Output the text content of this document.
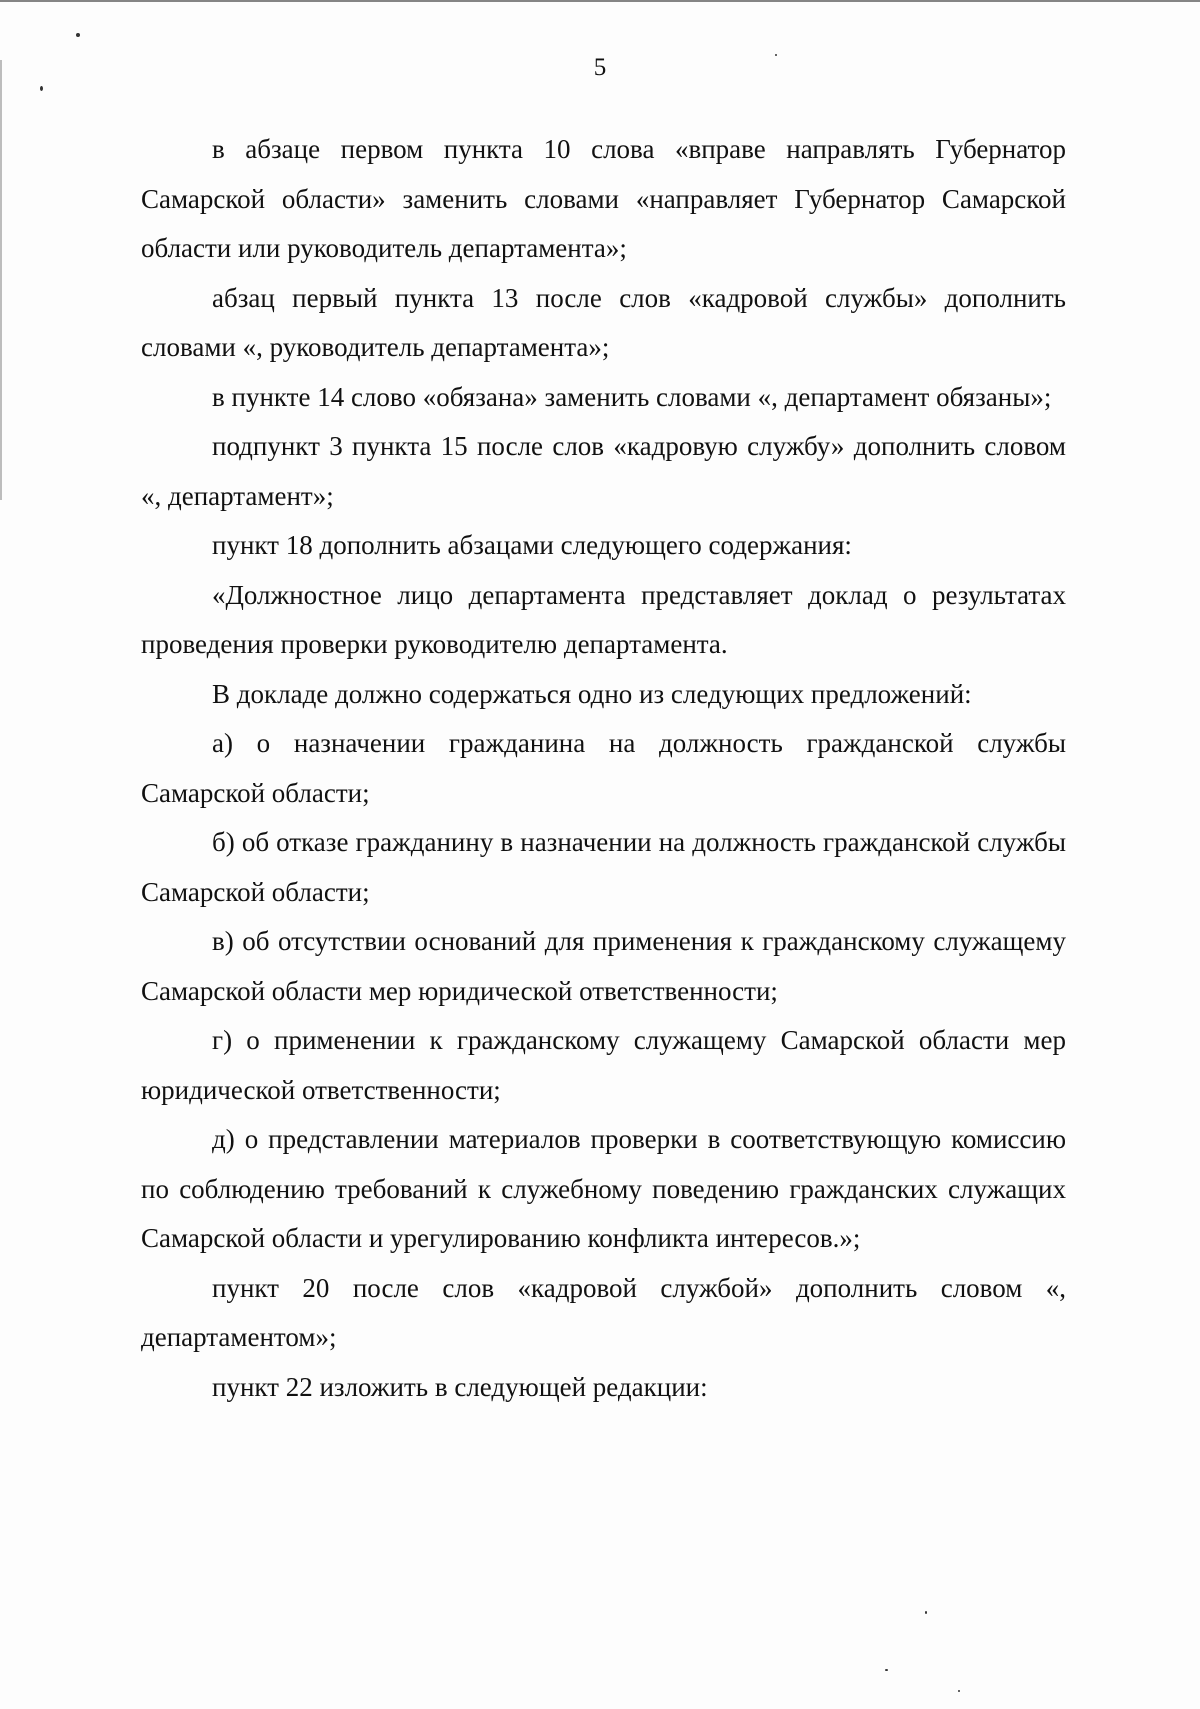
5

в абзаце первом пункта 10 слова «вправе направлять Губернатор Самарской области» заменить словами «направляет Губернатор Самарской области или руководитель департамента»;

абзац первый пункта 13 после слов «кадровой службы» дополнить словами «, руководитель департамента»;

в пункте 14 слово «обязана» заменить словами «, департамент обязаны»;

подпункт 3 пункта 15 после слов «кадровую службу» дополнить словом «, департамент»;

пункт 18 дополнить абзацами следующего содержания:

«Должностное лицо департамента представляет доклад о результатах проведения проверки руководителю департамента.

В докладе должно содержаться одно из следующих предложений:

а) о назначении гражданина на должность гражданской службы Самарской области;

б) об отказе гражданину в назначении на должность гражданской службы Самарской области;

в) об отсутствии оснований для применения к гражданскому служащему Самарской области мер юридической ответственности;

г) о применении к гражданскому служащему Самарской области мер юридической ответственности;

д) о представлении материалов проверки в соответствующую комиссию по соблюдению требований к служебному поведению гражданских служащих Самарской области и урегулированию конфликта интересов.»;

пункт 20 после слов «кадровой службой» дополнить словом «, департаментом»;

пункт 22 изложить в следующей редакции:
